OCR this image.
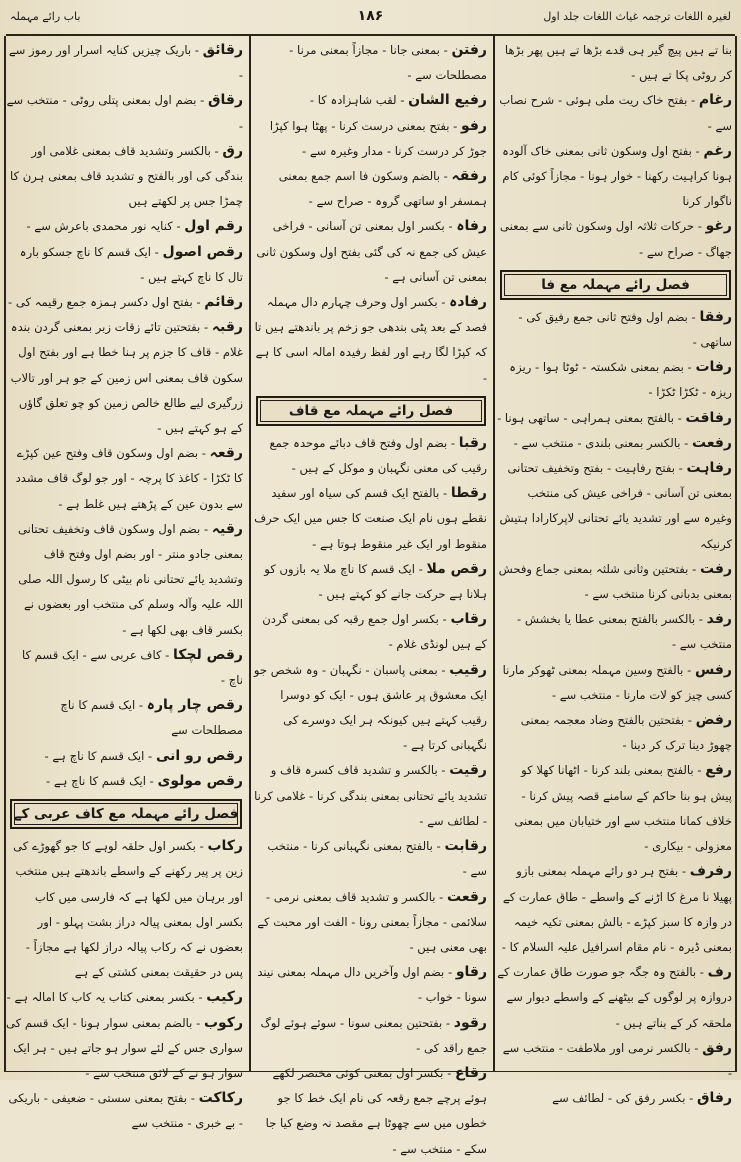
لغیرہ اللغات ترجمہ غیاث اللغات جلد اول
۱۸۶
باب رائے مہملہ
بنا تے ہیں پیچ گیر ہی قدے بڑھا تے ہیں پھر بڑھا کر روٹی پکا تے ہیں -
رغام - بفتح خاک ریت ملی ہوئی - شرح نصاب سے -
رغم - بفتح اول وسکون ثانی بمعنی خاک آلودہ ہونا کراہیت رکھنا - خوار ہونا - مجازاً کوئی کام ناگوار کرنا
رغو - حرکات ثلاثہ اول وسکون ثانی سے بمعنی جھاگ - صراح سے -
فصل رائے مہملہ مع فا
رفقا - بضم اول وفتح ثانی جمع رفیق کی - ساتھی -
رفات - بضم بمعنی شکستہ - ٹوٹا ہوا - ریزہ ریزہ - ٹکڑا ٹکڑا -
رفاقت - بالفتح بمعنی ہمراہی - ساتھی ہونا -
رفعت - بالکسر بمعنی بلندی - منتخب سے -
رفاہت - بفتح رفاہیت - بفتح وتخفیف تحتانی بمعنی تن آسانی - فراخی عیش کی منتخب وغیرہ سے اور تشدید یائے تحتانی لاپرکارادا ہتیش کرنیکہ
رفت - بفتحتین وثانی شلثہ بمعنی جماع وفحش بمعنی بدبانی کرنا منتخب سے -
رفد - بالکسر بالفتح بمعنی عطا یا بخشش - منتخب سے -
رفس - بالفتح وسین مہملہ بمعنی ٹھوکر مارنا کسی چیز کو لات مارنا - منتخب سے -
رفض - بفتحتین بالفتح وضاد معجمہ بمعنی چھوڑ دینا ترک کر دینا -
رفع - بالفتح بمعنی بلند کرنا - اٹھانا کھلا کو پیش ہو بنا حاکم کے سامنے قصہ پیش کرنا - خلاف کمانا منتخب سے اور ختیابان میں بمعنی معزولی - بیکاری -
رفرف - بفتح ہر دو رائے مہملہ بمعنی بازو پھیلا نا مرغ کا اڑنے کے واسطے - طاق عمارت کے در وازہ کا سبز کپڑے - بالش بمعنی تکیہ خیمہ بمعنی ڈیرہ - نام مقام اسرافیل علیہ السلام کا -
رف - بالفتح وہ جگہ جو صورت طاق عمارت کے دروازہ پر لوگوں کے بیٹھنے کے واسطے دیوار سے ملحقہ کر کے بناتے ہیں -
رفق - بالکسر نرمی اور ملاطفت - منتخب سے -
رفاق - بکسر رفق کی - لطائف سے
رفتن - بمعنی جانا - مجازاً بمعنی مرنا - مصطلحات سے -
رفیع الشان - لقب شاہزادہ کا -
رفو - بفتح بمعنی درست کرنا - پھٹا ہوا کپڑا جوڑ کر درست کرنا - مدار وغیرہ سے -
رفقہ - بالضم وسکون فا اسم جمع بمعنی ہمسفر او ساتھی گروہ - صراح سے -
رفاہ - بکسر اول بمعنی تن آسانی - فراخی عیش کی جمع نہ کی گئی بفتح اول وسکون ثانی بمعنی تن آسانی ہے -
رفادہ - بکسر اول وحرف چہارم دال مہملہ فصد کے بعد پٹی بندھی جو زخم پر باندھتے ہیں تا کہ کپڑا لگا رہے اور لفظ رفیدہ امالہ اسی کا ہے -
فصل رائے مہملہ مع قاف
رقبا - بضم اول وفتح قاف دبائے موحدہ جمع رقیب کی معنی نگہبان و موکل کے ہیں -
رقطا - بالفتح ایک قسم کی سیاہ اور سفید نقطے ہوں نام ایک صنعت کا جس میں ایک حرف منقوط اور ایک غیر منقوط ہوتا ہے -
رقص ملا - ایک قسم کا ناچ ملا یہ بازوں کو ہلانا ہے حرکت جانے کو کہتے ہیں -
رقاب - بکسر اول جمع رقبہ کی بمعنی گردن کے ہیں لونڈی غلام -
رقیب - بمعنی پاسبان - نگہبان - وہ شخص جو ایک معشوق پر عاشق ہوں - ایک کو دوسرا رقیب کہتے ہیں کیونکہ ہر ایک دوسرے کی نگہبانی کرتا ہے -
رقیت - بالکسر و تشدید قاف کسرہ قاف و تشدید یائے تحتانی بمعنی بندگی کرنا - غلامی کرنا - لطائف سے -
رقابت - بالفتح بمعنی نگہبانی کرنا - منتخب سے -
رقعت - بالکسر و تشدید قاف بمعنی نرمی - سلائمی - مجازاً بمعنی رونا - الفت اور محبت کے بھی معنی ہیں -
رقاو - بضم اول وآخریں دال مہملہ بمعنی نیند سونا - خواب -
رقود - بفتحتین بمعنی سونا - سوئے ہوئے لوگ جمع راقد کی -
رقاع - بکسر اول بمعنی کوئی مختصر لکھے ہوئے پرچے جمع رقعہ کی نام ایک خط کا جو خطوں میں سے چھوٹا ہے مقصد نہ وضع کیا جا سکے - منتخب سے -
رقائق - باریک چیزیں کنایہ اسرار اور رموز سے -
رقاق - بضم اول بمعنی پتلی روٹی - منتخب سے -
رق - بالکسر وتشدید قاف بمعنی غلامی اور بندگی کی اور بالفتح و تشدید قاف بمعنی ہرن کا چمڑا جس پر لکھتے ہیں
رقم اول - کنایہ نور محمدی باعرش سے -
رقص اصول - ایک قسم کا ناچ جسکو بارہ تال کا ناچ کہتے ہیں -
رقائم - بفتح اول دکسر ہمزہ جمع رقیمہ کی -
رقبہ - بفتحتین تائے زقات زبر بمعنی گردن بندہ غلام - قاف کا جزم پر ہنا خطا ہے اور بفتح اول سکون قاف بمعنی اس زمین کے جو ہر اور تالاب زرگیری لیے طالع خالص زمین کو چو تعلق گاؤں کے ہو کہتے ہیں -
رقعہ - بضم اول وسکون قاف وفتح عین کپڑے کا ٹکڑا - کاغذ کا پرچہ - اور جو لوگ قاف مشدد سے بدون عین کے پڑھتے ہیں غلط ہے -
رقیہ - بضم اول وسکون قاف وتخفیف تحتانی بمعنی جادو منتر - اور بضم اول وفتح قاف وتشدید یائے تحتانی نام بیٹی کا رسول اللہ صلی اللہ علیہ وآلہ وسلم کی منتخب اور بعضوں نے بکسر قاف بھی لکھا ہے -
رقص لچکا - کاف عربی سے - ایک قسم کا ناچ -
رقص چار پارہ - ایک قسم کا ناچ مصطلحات سے
رقص رو انی - ایک قسم کا ناچ ہے -
رقص مولوی - ایک قسم کا ناچ ہے -
فصل رائے مہملہ مع کاف عربی کے
رکاب - بکسر اول حلقہ لوہے کا جو گھوڑے کی زین پر پیر رکھنے کے واسطے باندھتے ہیں منتخب اور برہان میں لکھا ہے کہ فارسی میں کاب بکسر اول بمعنی پیالہ دراز بشت پہلو - اور بعضوں نے کہ رکاب پیالہ دراز لکھا ہے مجازاً - پس در حقیقت بمعنی کشتی کے ہے
رکیب - بکسر بمعنی کتاب یہ کاب کا امالہ ہے -
رکوب - بالضم بمعنی سوار ہونا - ایک قسم کی سواری جس کے لئے سوار ہو جاتے ہیں - ہر ایک سوار ہو نے کے لائق منتخب سے -
رکاکت - بفتح بمعنی سستی - ضعیفی - باریکی - بے خبری - منتخب سے
